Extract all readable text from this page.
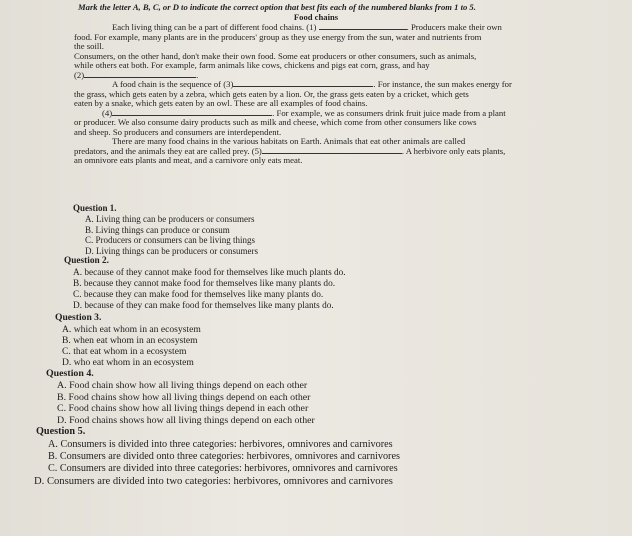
Mark the letter A, B, C, or D to indicate the correct option that best fits each of the numbered blanks from 1 to 5.
Food chains

Each living thing can be a part of different food chains. (1)	. Producers make their own

food. For example, many plants are in the producers' group as they use energy from the sun, water and nutrients from

the soill.

Consumers, on the other hand, don't make their own food. Some eat producers or other consumers, such as animals,

while others eat both. For example, farm animals like cows, chickens and pigs eat corn, grass, and hay

(2)	.

A food chain is the sequence of (3)	. For instance, the sun makes energy for

the grass, which gets eaten by a zebra, which gets eaten by a lion. Or, the grass gets eaten by a cricket, which gets

eaten by a snake, which gets eaten by an owl. These are all examples of food chains.

(4)	. For example, we as consumers drink fruit juice made from a plant

or producer. We also consume dairy products such as milk and cheese, which come from other consumers like cows

and sheep. So producers and consumers are interdependent.

There are many food chains in the various habitats on Earth. Animals that eat other animals are called

predators, and the animals they eat are called prey. (5)	. A herbivore only eats plants,

an omnivore eats plants and meat, and a carnivore only eats meat.

Question 1.
A. Living thing can be producers or consumers
B. Living things can produce or consum
C. Producers or consumers can be living things
D. Living things can be producers or consumers
Question 2.
A. because of they cannot make food for themselves like much plants do.
B. because they cannot make food for themselves like many plants do.
C. because they can make food for themselves like many plants do.
D. because of they can make food for themselves like many plants do.
Question 3.
A. which eat whom in an ecosystem
B. when eat whom in an ecosystem
C. that eat whom in a ecosystem
D. who eat whom in an ecosystem
Question 4.
A. Food chain show how all living things depend on each other
B. Food chains show how all living things depend on each other
C. Food chains show how all living things depend in each other
D. Food chains shows how all living things depend on each other
Question 5.
A. Consumers is divided into three categories: herbivores, omnivores and carnivores
B. Consumers are divided onto three categories: herbivores, omnivores and carnivores
C. Consumers are divided into three categories: herbivores, omnivores and carnivores
D. Consumers are divided into two categories: herbivores, omnivores and carnivores
